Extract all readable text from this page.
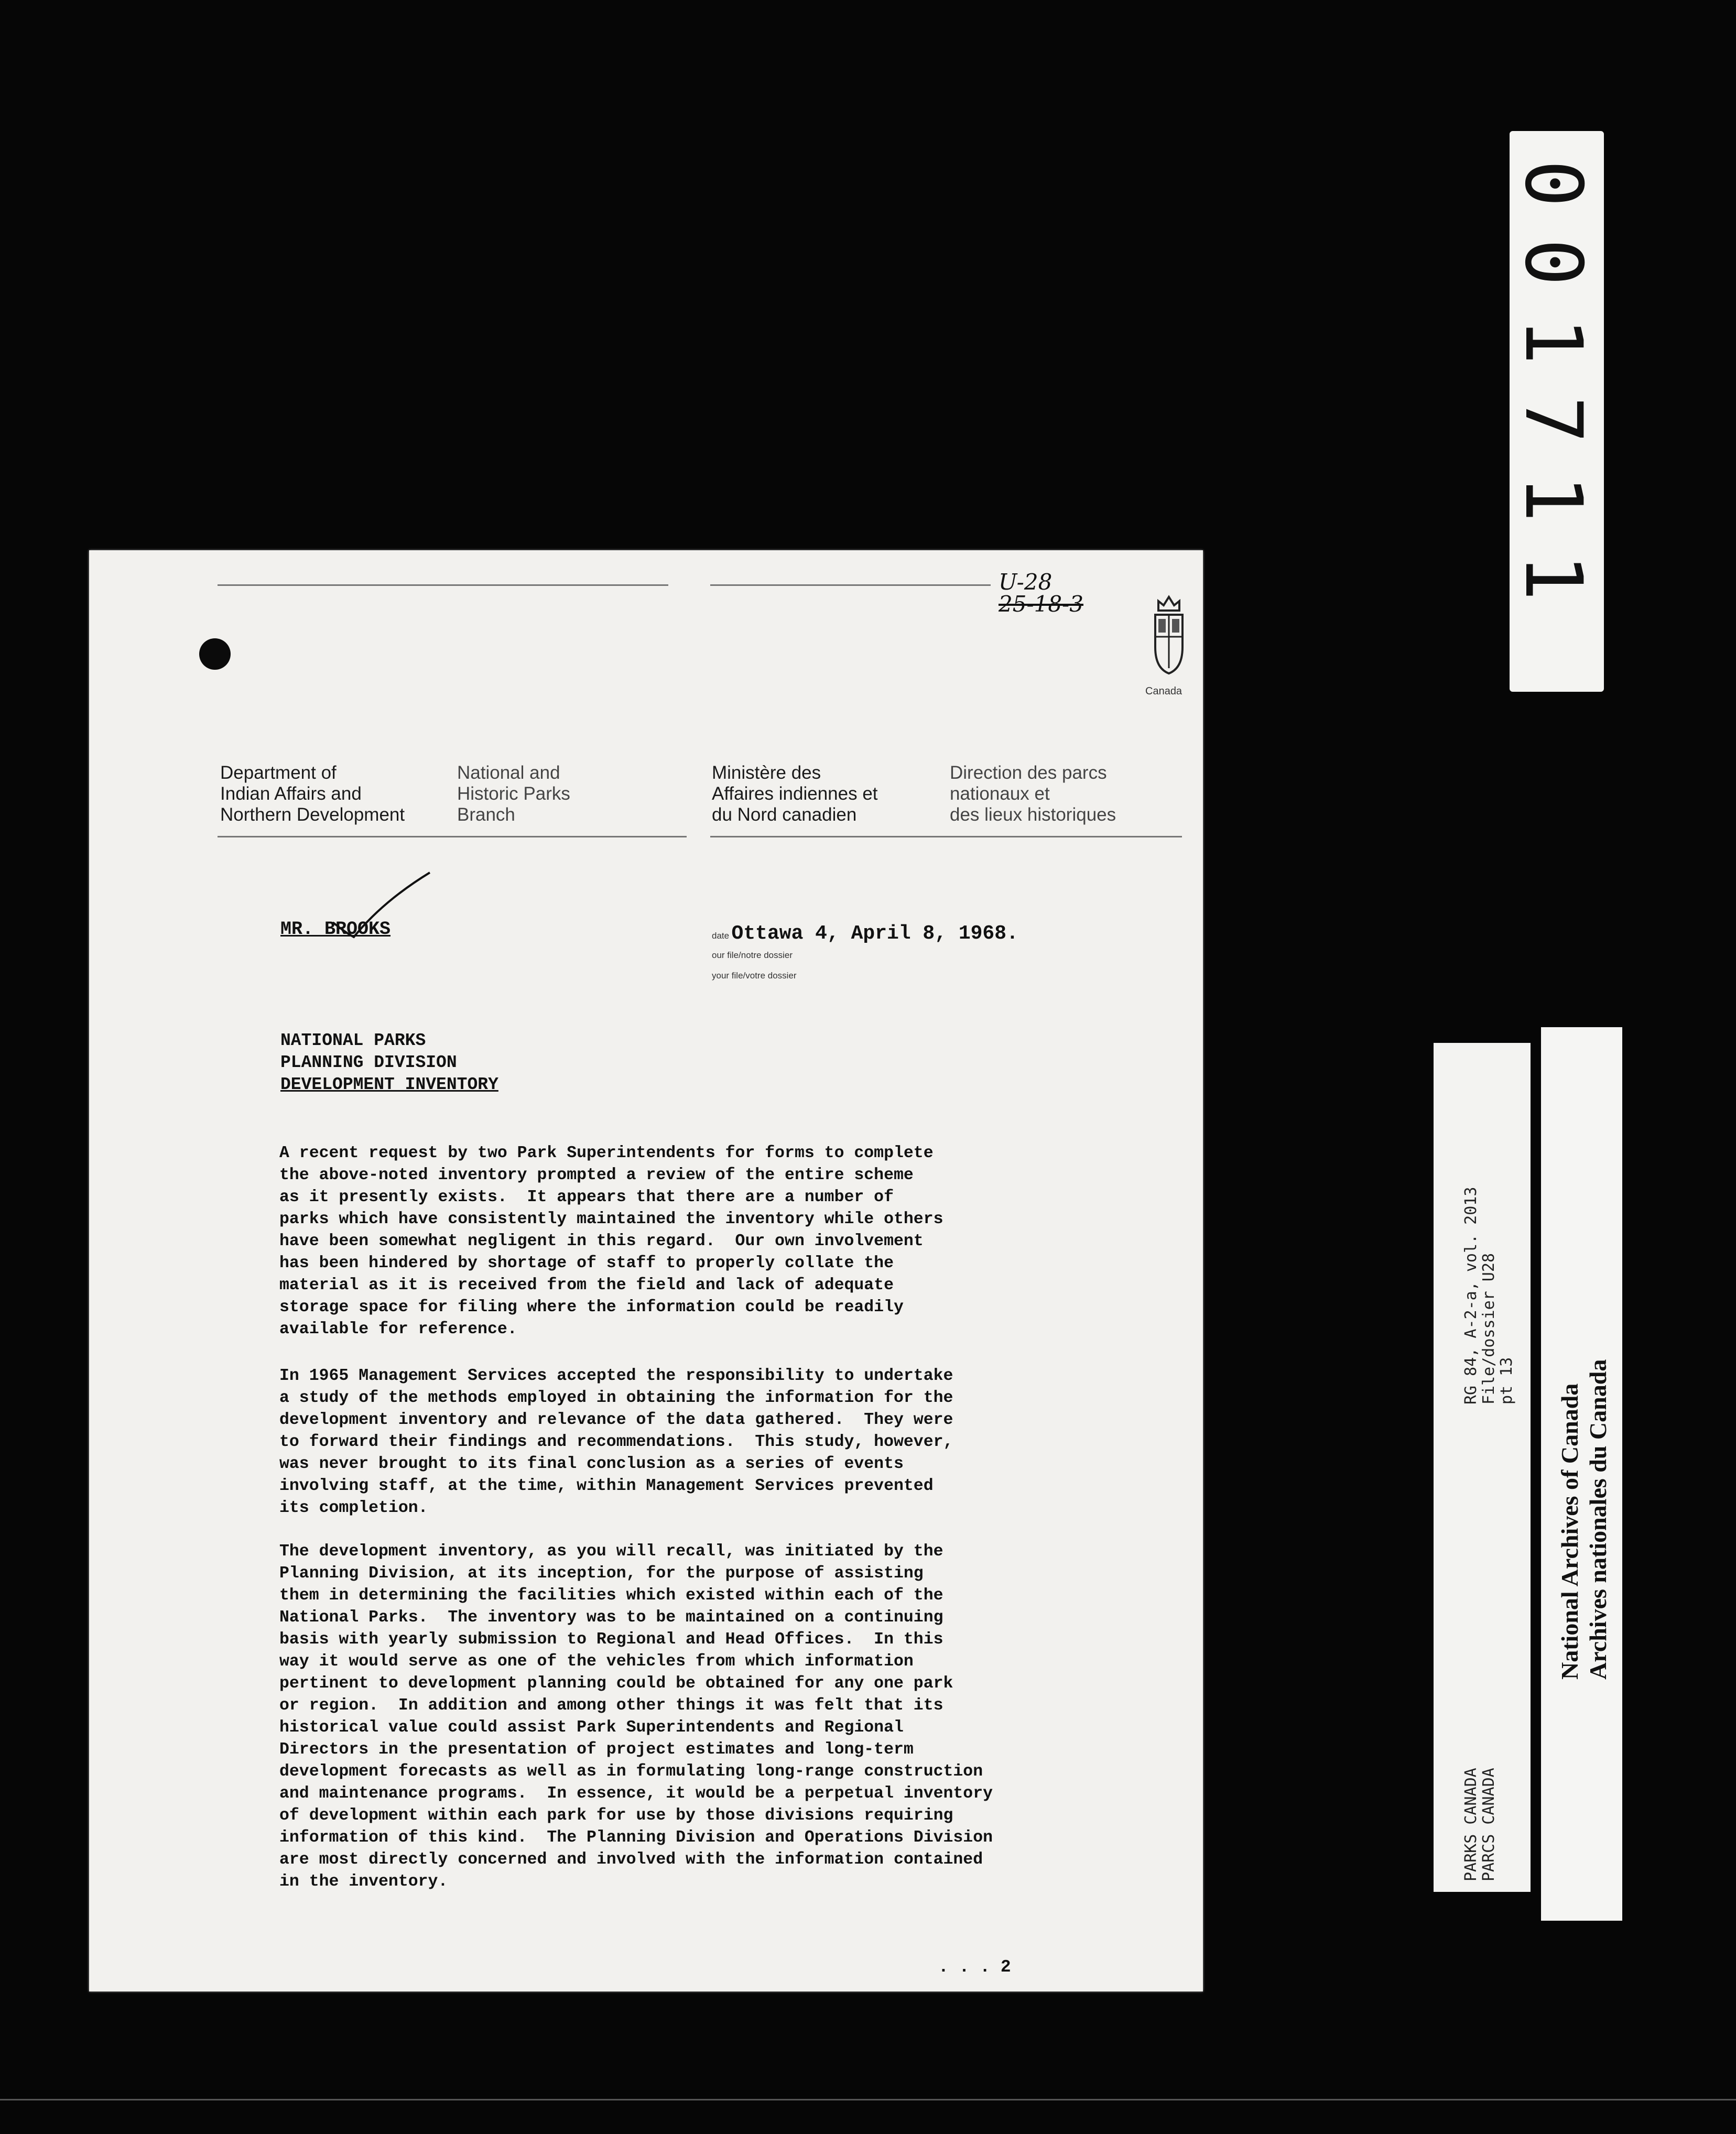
U-28
25-18-3
Canada
Department of
Indian Affairs and
Northern Development
National and
Historic Parks
Branch
Ministère des
Affaires indiennes et
du Nord canadien
Direction des parcs
nationaux et
des lieux historiques
MR. BROOKS	date Ottawa 4, April 8, 1968.
our file/notre dossier
your file/votre dossier
NATIONAL PARKS
PLANNING DIVISION
DEVELOPMENT INVENTORY
A recent request by two Park Superintendents for forms to complete
the above-noted inventory prompted a review of the entire scheme
as it presently exists.  It appears that there are a number of
parks which have consistently maintained the inventory while others
have been somewhat negligent in this regard.  Our own involvement
has been hindered by shortage of staff to properly collate the
material as it is received from the field and lack of adequate
storage space for filing where the information could be readily
available for reference.
In 1965 Management Services accepted the responsibility to undertake
a study of the methods employed in obtaining the information for the
development inventory and relevance of the data gathered.  They were
to forward their findings and recommendations.  This study, however,
was never brought to its final conclusion as a series of events
involving staff, at the time, within Management Services prevented
its completion.
The development inventory, as you will recall, was initiated by the
Planning Division, at its inception, for the purpose of assisting
them in determining the facilities which existed within each of the
National Parks.  The inventory was to be maintained on a continuing
basis with yearly submission to Regional and Head Offices.  In this
way it would serve as one of the vehicles from which information
pertinent to development planning could be obtained for any one park
or region.  In addition and among other things it was felt that its
historical value could assist Park Superintendents and Regional
Directors in the presentation of project estimates and long-term
development forecasts as well as in formulating long-range construction
and maintenance programs.  In essence, it would be a perpetual inventory
of development within each park for use by those divisions requiring
information of this kind.  The Planning Division and Operations Division
are most directly concerned and involved with the information contained
in the inventory.
. . . 2
001711
PARKS CANADA
PARCS CANADA
RG 84, A-2-a, vol. 2013
File/dossier U28
pt 13
National Archives of Canada
Archives nationales du Canada
